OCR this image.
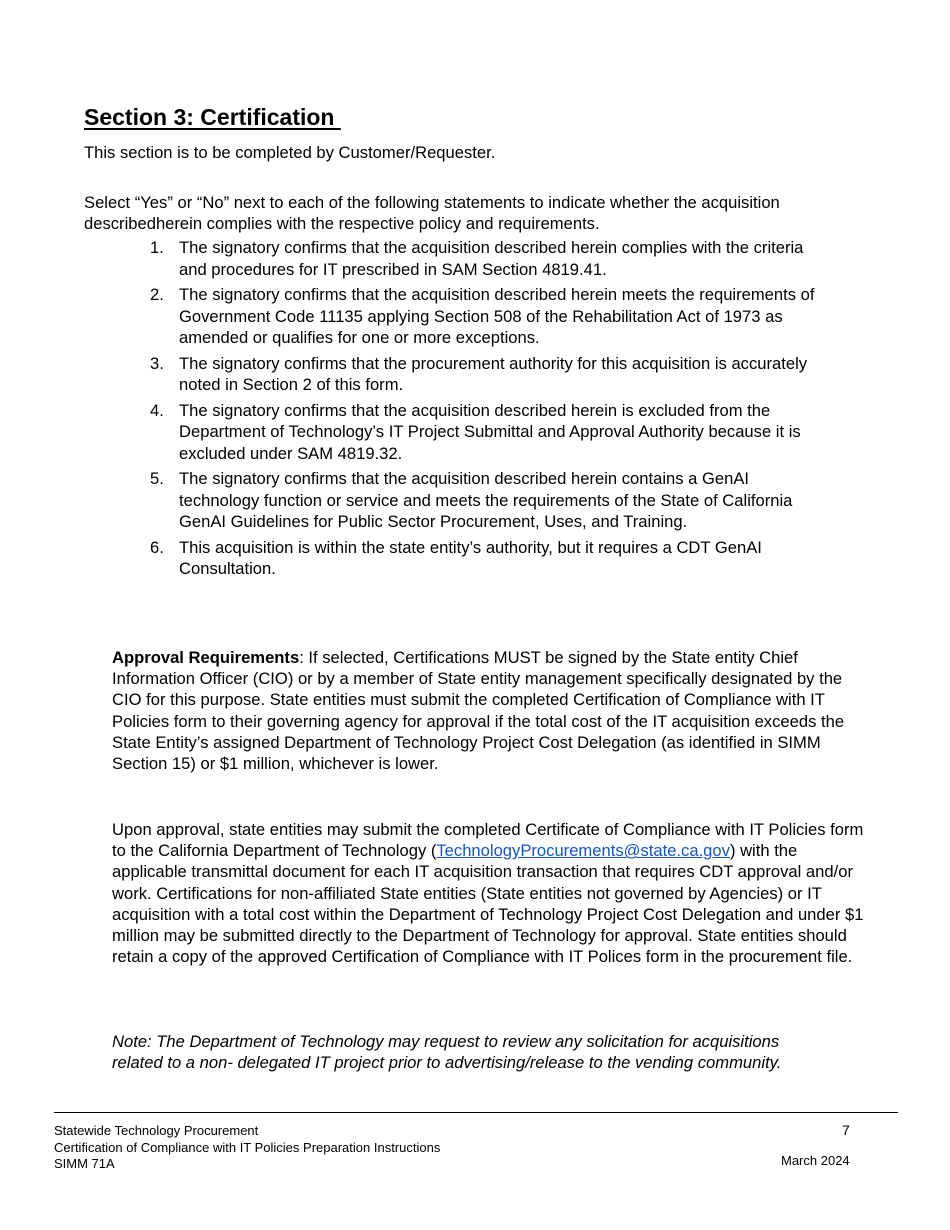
Section 3: Certification

This section is to be completed by Customer/Requester.

Select “Yes” or “No” next to each of the following statements to indicate whether the acquisition describedherein complies with the respective policy and requirements.

1. The signatory confirms that the acquisition described herein complies with the criteria and procedures for IT prescribed in SAM Section 4819.41.
2. The signatory confirms that the acquisition described herein meets the requirements of Government Code 11135 applying Section 508 of the Rehabilitation Act of 1973 as amended or qualifies for one or more exceptions.
3. The signatory confirms that the procurement authority for this acquisition is accurately noted in Section 2 of this form.
4. The signatory confirms that the acquisition described herein is excluded from the Department of Technology’s IT Project Submittal and Approval Authority because it is excluded under SAM 4819.32.
5. The signatory confirms that the acquisition described herein contains a GenAI technology function or service and meets the requirements of the State of California GenAI Guidelines for Public Sector Procurement, Uses, and Training.
6. This acquisition is within the state entity’s authority, but it requires a CDT GenAI Consultation.

Approval Requirements: If selected, Certifications MUST be signed by the State entity Chief Information Officer (CIO) or by a member of State entity management specifically designated by the CIO for this purpose. State entities must submit the completed Certification of Compliance with IT Policies form to their governing agency for approval if the total cost of the IT acquisition exceeds the State Entity’s assigned Department of Technology Project Cost Delegation (as identified in SIMM Section 15) or $1 million, whichever is lower.

Upon approval, state entities may submit the completed Certificate of Compliance with IT Policies form to the California Department of Technology (TechnologyProcurements@state.ca.gov) with the applicable transmittal document for each IT acquisition transaction that requires CDT approval and/or work. Certifications for non-affiliated State entities (State entities not governed by Agencies) or IT acquisition with a total cost within the Department of Technology Project Cost Delegation and under $1 million may be submitted directly to the Department of Technology for approval. State entities should retain a copy of the approved Certification of Compliance with IT Polices form in the procurement file.

Note: The Department of Technology may request to review any solicitation for acquisitions related to a non- delegated IT project prior to advertising/release to the vending community.

Statewide Technology Procurement
Certification of Compliance with IT Policies Preparation Instructions
SIMM 71A
7
March 2024
